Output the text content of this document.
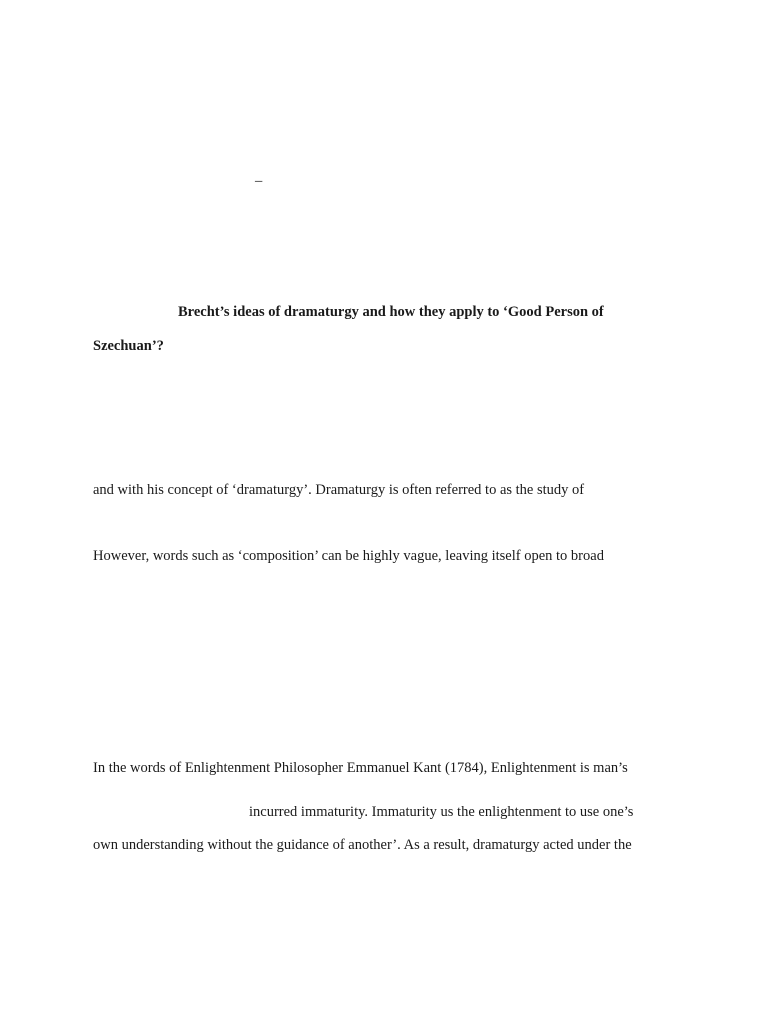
–
Brecht’s ideas of dramaturgy and how they apply to ‘Good Person of
Szechuan’?
and with his concept of ‘dramaturgy’. Dramaturgy is often referred to as the study of
However, words such as ‘composition’ can be highly vague, leaving itself open to broad
In the words of Enlightenment Philosopher Emmanuel Kant (1784), Enlightenment is man’s
incurred immaturity. Immaturity us the enlightenment to use one’s
own understanding without the guidance of another’. As a result, dramaturgy acted under the
